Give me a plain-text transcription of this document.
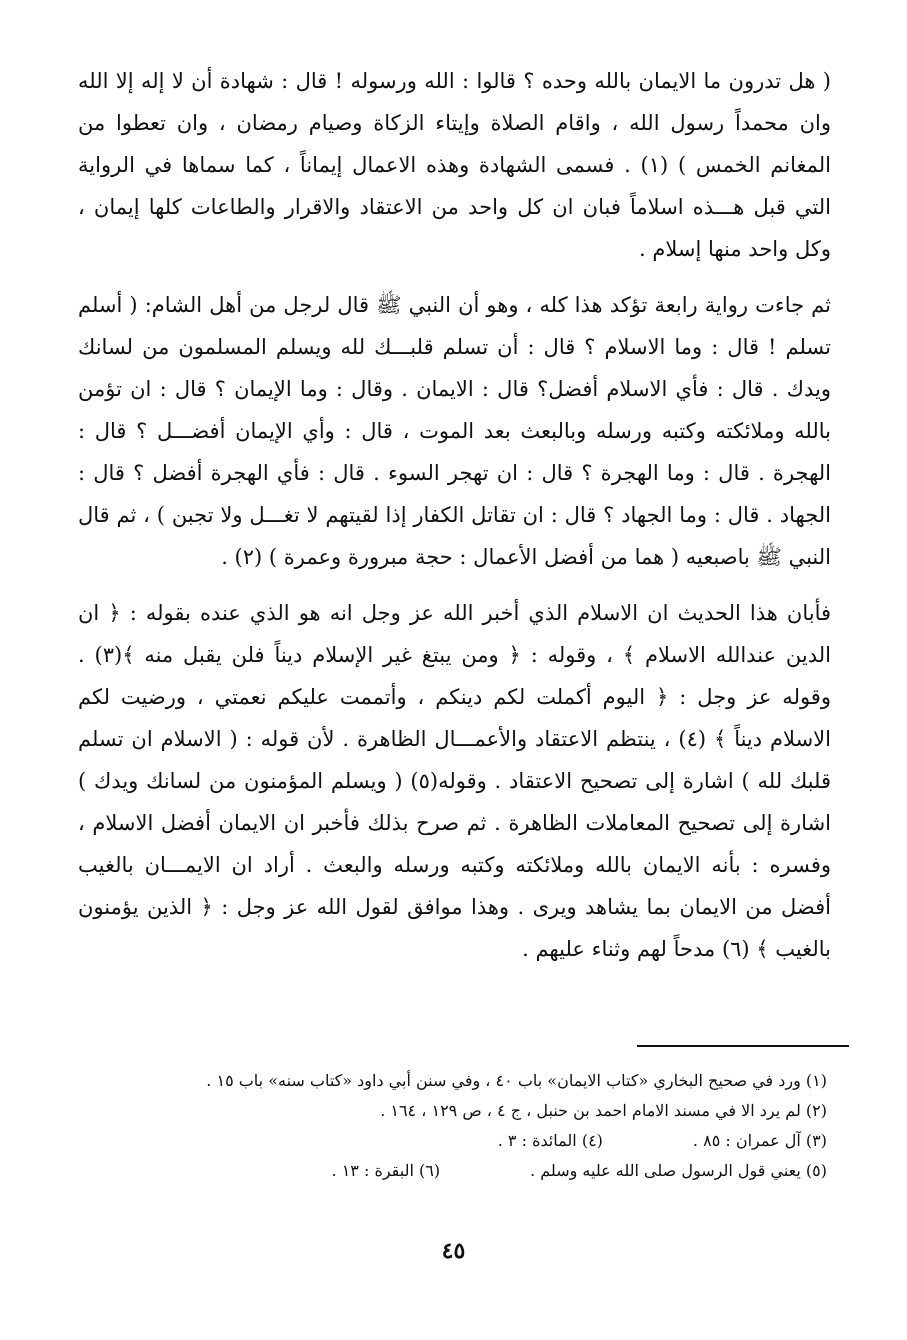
( هل تدرون ما الايمان بالله وحده ؟ قالوا : الله ورسوله ! قال : شهادة أن لا إله إلا الله وان محمداً رسول الله ، واقام الصلاة وإيتاء الزكاة وصيام رمضان ، وان تعطوا من المغانم الخمس ) (١) . فسمى الشهادة وهذه الاعمال إيماناً ، كما سماها في الرواية التي قبل هـــذه اسلاماً فبان ان كل واحد من الاعتقاد والاقرار والطاعات كلها إيمان ، وكل واحد منها إسلام .

ثم جاءت رواية رابعة تؤكد هذا كله ، وهو أن النبي ﷺ قال لرجل من أهل الشام: ( أسلم تسلم ! قال : وما الاسلام ؟ قال : أن تسلم قلبـــك لله ويسلم المسلمون من لسانك ويدك . قال : فأي الاسلام أفضل؟ قال : الايمان . وقال : وما الإيمان ؟ قال : ان تؤمن بالله وملائكته وكتبه ورسله وبالبعث بعد الموت ، قال : وأي الإيمان أفضـــل ؟ قال : الهجرة . قال : وما الهجرة ؟ قال : ان تهجر السوء . قال : فأي الهجرة أفضل ؟ قال : الجهاد . قال : وما الجهاد ؟ قال : ان تقاتل الكفار إذا لقيتهم لا تغـــل ولا تجبن ) ، ثم قال النبي ﷺ باصبعيه ( هما من أفضل الأعمال : حجة مبرورة وعمرة ) (٢) .

فأبان هذا الحديث ان الاسلام الذي أخبر الله عز وجل انه هو الذي عنده بقوله : ﴿ ان الدين عندالله الاسلام ﴾ ، وقوله : ﴿ ومن يبتغ غير الإسلام ديناً فلن يقبل منه ﴾(٣) . وقوله عز وجل : ﴿ اليوم أكملت لكم دينكم ، وأتممت عليكم نعمتي ، ورضيت لكم الاسلام ديناً ﴾ (٤) ، ينتظم الاعتقاد والأعمـــال الظاهرة . لأن قوله : ( الاسلام ان تسلم قلبك لله ) اشارة إلى تصحيح الاعتقاد . وقوله(٥) ( ويسلم المؤمنون من لسانك ويدك ) اشارة إلى تصحيح المعاملات الظاهرة . ثم صرح بذلك فأخبر ان الايمان أفضل الاسلام ، وفسره : بأنه الايمان بالله وملائكته وكتبه ورسله والبعث . أراد ان الايمـــان بالغيب أفضل من الايمان بما يشاهد ويرى . وهذا موافق لقول الله عز وجل : ﴿ الذين يؤمنون بالغيب ﴾ (٦) مدحاً لهم وثناء عليهم .

(١) ورد في صحيح البخاري «كتاب الايمان» باب ٤٠ ، وفي سنن أبي داود «كتاب سنه» باب ١٥ .
(٢) لم يرد الا في مسند الامام احمد بن حنبل ، ج ٤ ، ص ١٢٩ ، ١٦٤ .
(٣) آل عمران : ٨٥ .
(٤) المائدة : ٣ .
(٥) يعني قول الرسول صلى الله عليه وسلم .
(٦) البقرة : ١٣ .
٤٥
